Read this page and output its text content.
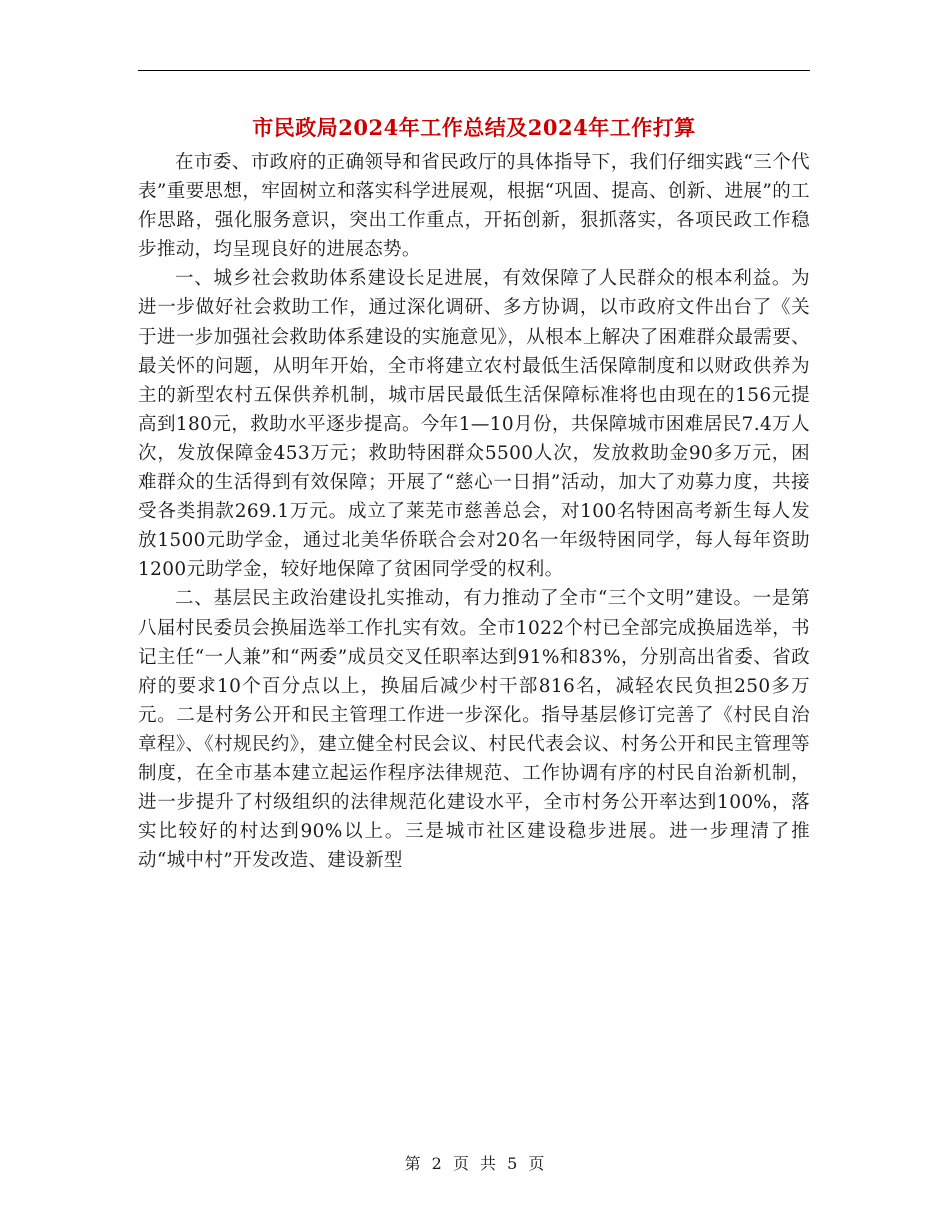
市民政局2024年工作总结及2024年工作打算

在市委、市政府的正确领导和省民政厅的具体指导下，我们仔细实践“三个代表”重要思想，牢固树立和落实科学进展观，根据“巩固、提高、创新、进展”的工作思路，强化服务意识，突出工作重点，开拓创新，狠抓落实，各项民政工作稳步推动，均呈现良好的进展态势。

一、城乡社会救助体系建设长足进展，有效保障了人民群众的根本利益。为进一步做好社会救助工作，通过深化调研、多方协调，以市政府文件出台了《关于进一步加强社会救助体系建设的实施意见》，从根本上解决了困难群众最需要、最关怀的问题，从明年开始，全市将建立农村最低生活保障制度和以财政供养为主的新型农村五保供养机制，城市居民最低生活保障标准将也由现在的156元提高到180元，救助水平逐步提高。今年1—10月份，共保障城市困难居民7.4万人次，发放保障金453万元；救助特困群众5500人次，发放救助金90多万元，困难群众的生活得到有效保障；开展了“慈心一日捐”活动，加大了劝募力度，共接受各类捐款269.1万元。成立了莱芜市慈善总会，对100名特困高考新生每人发放1500元助学金，通过北美华侨联合会对20名一年级特困同学，每人每年资助1200元助学金，较好地保障了贫困同学受的权利。

二、基层民主政治建设扎实推动，有力推动了全市“三个文明”建设。一是第八届村民委员会换届选举工作扎实有效。全市1022个村已全部完成换届选举，书记主任“一人兼”和“两委”成员交叉任职率达到91%和83%，分别高出省委、省政府的要求10个百分点以上，换届后减少村干部816名，减轻农民负担250多万元。二是村务公开和民主管理工作进一步深化。指导基层修订完善了《村民自治章程》、《村规民约》，建立健全村民会议、村民代表会议、村务公开和民主管理等制度，在全市基本建立起运作程序法律规范、工作协调有序的村民自治新机制，进一步提升了村级组织的法律规范化建设水平，全市村务公开率达到100%，落实比较好的村达到90%以上。三是城市社区建设稳步进展。进一步理清了推动“城中村”开发改造、建设新型

第 2 页 共 5 页
